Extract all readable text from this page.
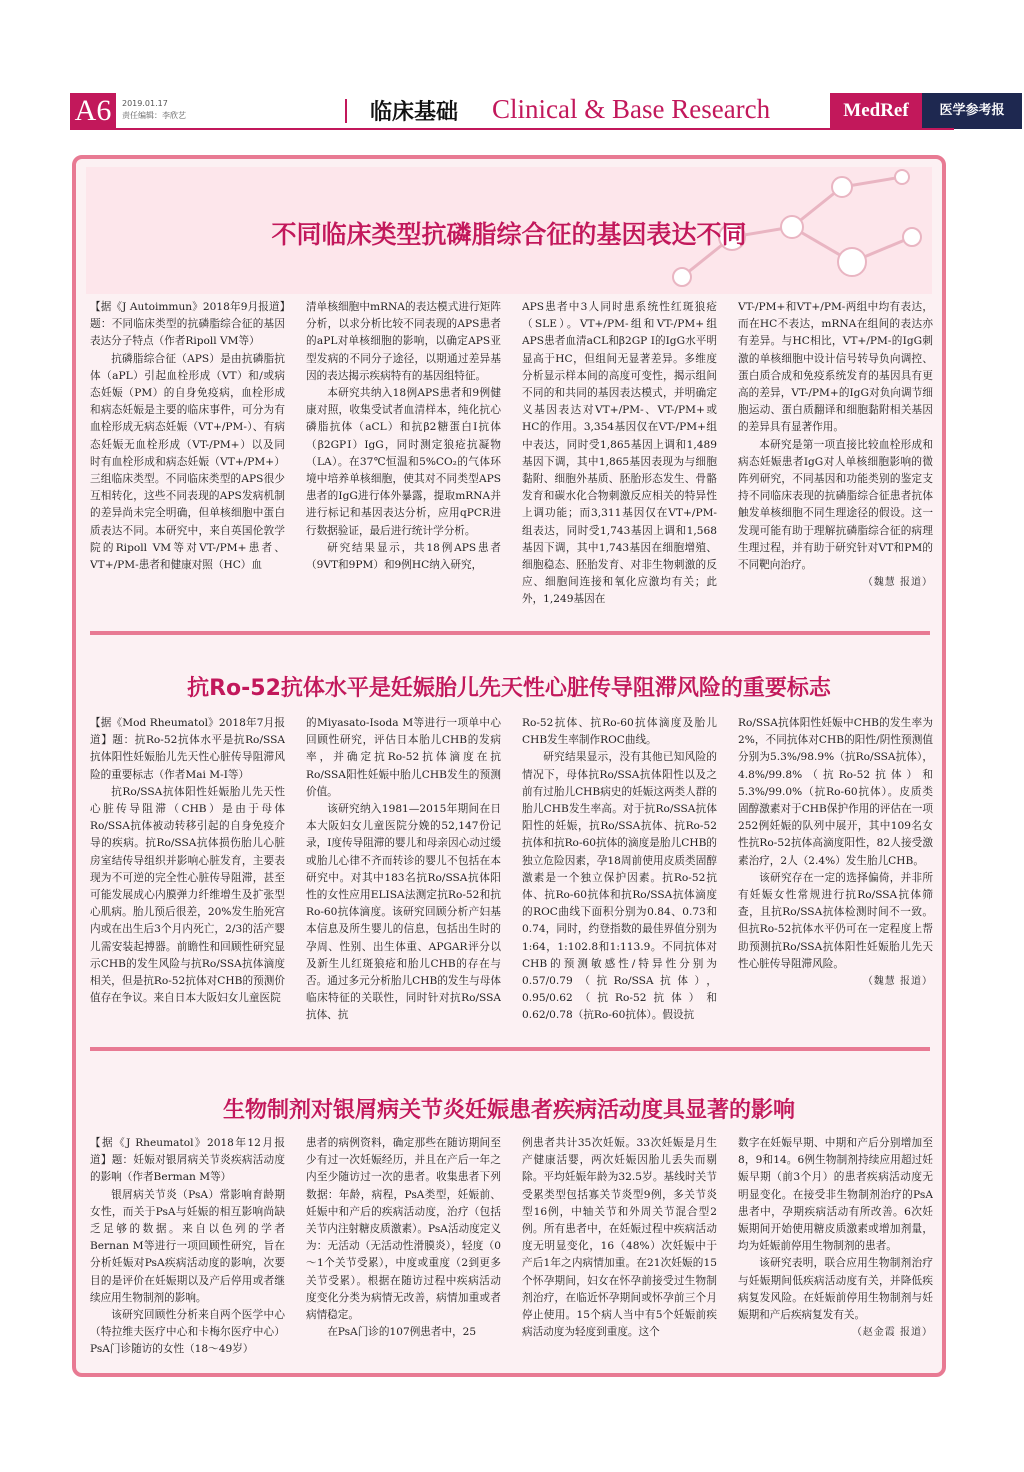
A6	2019.01.17
责任编辑：李欣艺	临床基础 Clinical & Base Research	MedRef	医学参考报
不同临床类型抗磷脂综合征的基因表达不同

【据《J Autoimmun》2018年9月报道】题：不同临床类型的抗磷脂综合征的基因表达分子特点（作者Ripoll VM等）

抗磷脂综合征（APS）是由抗磷脂抗体（aPL）引起血栓形成（VT）和/或病态妊娠（PM）的自身免疫病，血栓形成和病态妊娠是主要的临床事件，可分为有血栓形成无病态妊娠（VT+/PM-）、有病态妊娠无血栓形成（VT-/PM+）以及同时有血栓形成和病态妊娠（VT+/PM+）三组临床类型。不同临床类型的APS很少互相转化，这些不同表现的APS发病机制的差异尚未完全明确，但单核细胞中蛋白质表达不同。本研究中，来自英国伦敦学院的Ripoll VM等对VT-/PM+患者、VT+/PM-患者和健康对照（HC）血

清单核细胞中mRNA的表达模式进行矩阵分析，以求分析比较不同表现的APS患者的aPL对单核细胞的影响，以确定APS亚型发病的不同分子途径，以期通过差异基因的表达揭示疾病特有的基因组特征。

本研究共纳入18例APS患者和9例健康对照，收集受试者血清样本，纯化抗心磷脂抗体（aCL）和抗β2糖蛋白Ⅰ抗体（β2GPⅠ）IgG，同时测定狼疮抗凝物（LA）。在37℃恒温和5%CO₂的气体环境中培养单核细胞，使其对不同类型APS患者的IgG进行体外暴露，提取mRNA并进行标记和基因表达分析，应用qPCR进行数据验证，最后进行统计学分析。

研究结果显示，共18例APS患者（9VT和9PM）和9例HC纳入研究，

APS患者中3人同时患系统性红斑狼疮（SLE）。VT+/PM-组和VT-/PM+组APS患者血清aCL和β2GP Ⅰ的IgG水平明显高于HC，但组间无显著差异。多维度分析显示样本间的高度可变性，揭示组间不同的和共同的基因表达模式，并明确定义基因表达对VT+/PM-、VT-/PM+或HC的作用。3,354基因仅在VT-/PM+组中表达，同时受1,865基因上调和1,489基因下调，其中1,865基因表现为与细胞黏附、细胞外基质、胚胎形态发生、骨骼发育和碳水化合物刺激反应相关的特异性上调功能；而3,311基因仅在VT+/PM-组表达，同时受1,743基因上调和1,568基因下调，其中1,743基因在细胞增殖、细胞稳态、胚胎发育、对非生物刺激的反应、细胞间连接和氧化应激均有关；此外，1,249基因在

VT-/PM+和VT+/PM-两组中均有表达，而在HC不表达，mRNA在组间的表达亦有差异。与HC相比，VT+/PM-的IgG刺激的单核细胞中设计信号转导负向调控、蛋白质合成和免疫系统发育的基因具有更高的差异，VT-/PM+的IgG对负向调节细胞运动、蛋白质翻译和细胞黏附相关基因的差异具有显著作用。

本研究是第一项直接比较血栓形成和病态妊娠患者IgG对人单核细胞影响的微阵列研究，不同基因和功能类别的鉴定支持不同临床表现的抗磷脂综合征患者抗体触发单核细胞不同生理途径的假设。这一发现可能有助于理解抗磷脂综合征的病理生理过程，并有助于研究针对VT和PM的不同靶向治疗。

（魏慧 报道）
抗Ro-52抗体水平是妊娠胎儿先天性心脏传导阻滞风险的重要标志

【据《Mod Rheumatol》2018年7月报道】题：抗Ro-52抗体水平是抗Ro/SSA抗体阳性妊娠胎儿先天性心脏传导阻滞风险的重要标志（作者Mai M-I等）

抗Ro/SSA抗体阳性妊娠胎儿先天性心脏传导阻滞（CHB）是由于母体Ro/SSA抗体被动转移引起的自身免疫介导的疾病。抗Ro/SSA抗体损伤胎儿心脏房室结传导组织并影响心脏发育，主要表现为不可逆的完全性心脏传导阻滞，甚至可能发展成心内膜弹力纤维增生及扩张型心肌病。胎儿预后很差，20%发生胎死宫内或在出生后3个月内死亡，2/3的活产婴儿需安装起搏器。前瞻性和回顾性研究显示CHB的发生风险与抗Ro/SSA抗体滴度相关，但是抗Ro-52抗体对CHB的预测价值存在争议。来自日本大阪妇女儿童医院

的Miyasato-Isoda M等进行一项单中心回顾性研究，评估日本胎儿CHB的发病率，并确定抗Ro-52抗体滴度在抗Ro/SSA阳性妊娠中胎儿CHB发生的预测价值。

该研究纳入1981—2015年期间在日本大阪妇女儿童医院分娩的52,147份记录，Ⅰ度传导阻滞的婴儿和母亲因心动过缓或胎儿心律不齐而转诊的婴儿不包括在本研究中。对其中183名抗Ro/SSA抗体阳性的女性应用ELISA法测定抗Ro-52和抗Ro-60抗体滴度。该研究回顾分析产妇基本信息及所生婴儿的信息，包括出生时的孕周、性别、出生体重、APGAR评分以及新生儿红斑狼疮和胎儿CHB的存在与否。通过多元分析胎儿CHB的发生与母体临床特征的关联性，同时针对抗Ro/SSA抗体、抗

Ro-52抗体、抗Ro-60抗体滴度及胎儿CHB发生率制作ROC曲线。

研究结果显示，没有其他已知风险的情况下，母体抗Ro/SSA抗体阳性以及之前有过胎儿CHB病史的妊娠这两类人群的胎儿CHB发生率高。对于抗Ro/SSA抗体阳性的妊娠，抗Ro/SSA抗体、抗Ro-52抗体和抗Ro-60抗体的滴度是胎儿CHB的独立危险因素，孕18周前使用皮质类固醇激素是一个独立保护因素。抗Ro-52抗体、抗Ro-60抗体和抗Ro/SSA抗体滴度的ROC曲线下面积分别为0.84、0.73和0.74，同时，约登指数的最佳界值分别为1:64，1:102.8和1:113.9。不同抗体对CHB的预测敏感性/特异性分别为0.57/0.79（抗Ro/SSA抗体），0.95/0.62（抗Ro-52抗体）和0.62/0.78（抗Ro-60抗体）。假设抗

Ro/SSA抗体阳性妊娠中CHB的发生率为2%，不同抗体对CHB的阳性/阴性预测值分别为5.3%/98.9%（抗Ro/SSA抗体），4.8%/99.8%（抗Ro-52抗体）和5.3%/99.0%（抗Ro-60抗体）。皮质类固醇激素对于CHB保护作用的评估在一项252例妊娠的队列中展开，其中109名女性抗Ro-52抗体高滴度阳性，82人接受激素治疗，2人（2.4%）发生胎儿CHB。

该研究存在一定的选择偏倚，并非所有妊娠女性常规进行抗Ro/SSA抗体筛查，且抗Ro/SSA抗体检测时间不一致。但抗Ro-52抗体水平仍可在一定程度上帮助预测抗Ro/SSA抗体阳性妊娠胎儿先天性心脏传导阻滞风险。

（魏慧 报道）
生物制剂对银屑病关节炎妊娠患者疾病活动度具显著的影响

【据《J Rheumatol》2018年12月报道】题：妊娠对银屑病关节炎疾病活动度的影响（作者Berman M等）

银屑病关节炎（PsA）常影响育龄期女性，而关于PsA与妊娠的相互影响尚缺乏足够的数据。来自以色列的学者Bernan M等进行一项回顾性研究，旨在分析妊娠对PsA疾病活动度的影响，次要目的是评价在妊娠期以及产后停用或者继续应用生物制剂的影响。

该研究回顾性分析来自两个医学中心（特拉维夫医疗中心和卡梅尔医疗中心）PsA门诊随访的女性（18～49岁）

患者的病例资料，确定那些在随访期间至少有过一次妊娠经历，并且在产后一年之内至少随访过一次的患者。收集患者下列数据：年龄，病程，PsA类型，妊娠前、妊娠中和产后的疾病活动度，治疗（包括关节内注射糖皮质激素）。PsA活动度定义为：无活动（无活动性滑膜炎），轻度（0～1个关节受累），中度或重度（2到更多关节受累）。根据在随访过程中疾病活动度变化分类为病情无改善，病情加重或者病情稳定。

在PsA门诊的107例患者中，25

例患者共计35次妊娠。33次妊娠是月生产健康活婴，两次妊娠因胎儿丢失而剔除。平均妊娠年龄为32.5岁。基线时关节受累类型包括寡关节炎型9例，多关节炎型16例，中轴关节和外周关节混合型2例。所有患者中，在妊娠过程中疾病活动度无明显变化，16（48%）次妊娠中于产后1年之内病情加重。在21次妊娠的15个怀孕期间，妇女在怀孕前接受过生物制剂治疗，在临近怀孕期间或怀孕前三个月停止使用。15个病人当中有5个妊娠前疾病活动度为轻度到重度。这个

数字在妊娠早期、中期和产后分别增加至8，9和14。6例生物制剂持续应用超过妊娠早期（前3个月）的患者疾病活动度无明显变化。在接受非生物制剂治疗的PsA患者中，孕期疾病活动有所改善。6次妊娠期间开始使用糖皮质激素或增加剂量，均为妊娠前停用生物制剂的患者。

该研究表明，联合应用生物制剂治疗与妊娠期间低疾病活动度有关，并降低疾病复发风险。在妊娠前停用生物制剂与妊娠期和产后疾病复发有关。

（赵金霞 报道）
